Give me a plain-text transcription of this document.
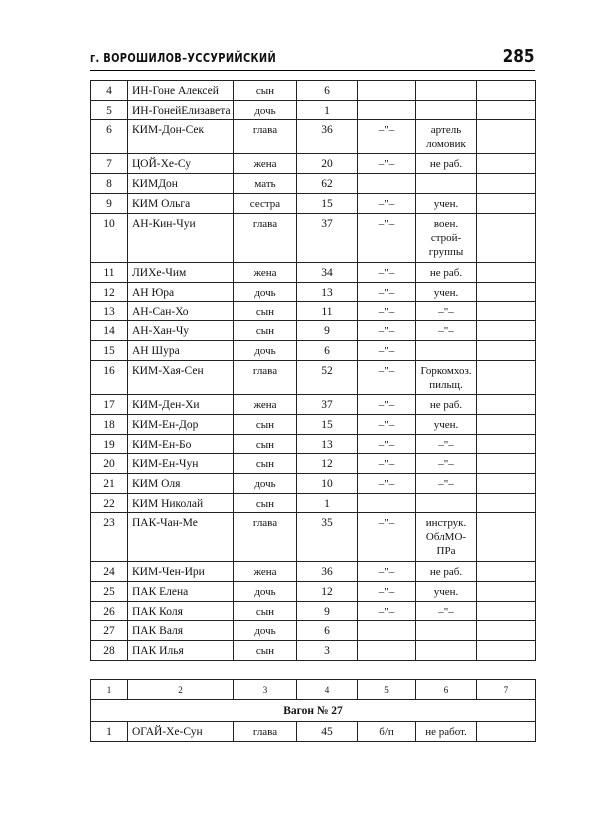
г. ВОРОШИЛОВ–УССУРИЙСКИЙ	285
4	ИН-Гоне Алексей	сын	6			
5	ИН-ГонейЕлизавета	дочь	1			
6	КИМ-Дон-Сек	глава	36	–"–	артель ломовик	
7	ЦОЙ-Хе-Су	жена	20	–"–	не раб.	
8	КИМДон	мать	62			
9	КИМ Ольга	сестра	15	–"–	учен.	
10	АН-Кин-Чуи	глава	37	–"–	воен. строй-группы	
11	ЛИХе-Чим	жена	34	–"–	не раб.	
12	АН Юра	дочь	13	–"–	учен.	
13	АН-Сан-Хо	сын	11	–"–	–"–	
14	АН-Хан-Чу	сын	9	–"–	–"–	
15	АН Шура	дочь	6	–"–		
16	КИМ-Хая-Сен	глава	52	–"–	Горкомхоз. пильщ.	
17	КИМ-Ден-Хи	жена	37	–"–	не раб.	
18	КИМ-Ен-Дор	сын	15	–"–	учен.	
19	КИМ-Ен-Бо	сын	13	–"–	–"–	
20	КИМ-Ен-Чун	сын	12	–"–	–"–	
21	КИМ Оля	дочь	10	–"–	–"–	
22	КИМ Николай	сын	1			
23	ПАК-Чан-Ме	глава	35	–"–	инструк. ОблМО-ПРа	
24	КИМ-Чен-Ири	жена	36	–"–	не раб.	
25	ПАК Елена	дочь	12	–"–	учен.	
26	ПАК Коля	сын	9	–"–	–"–	
27	ПАК Валя	дочь	6			
28	ПАК Илья	сын	3			
1	2	3	4	5	6	7
Вагон № 27						
1	ОГАЙ-Хе-Сун	глава	45	б/п	не работ.	
